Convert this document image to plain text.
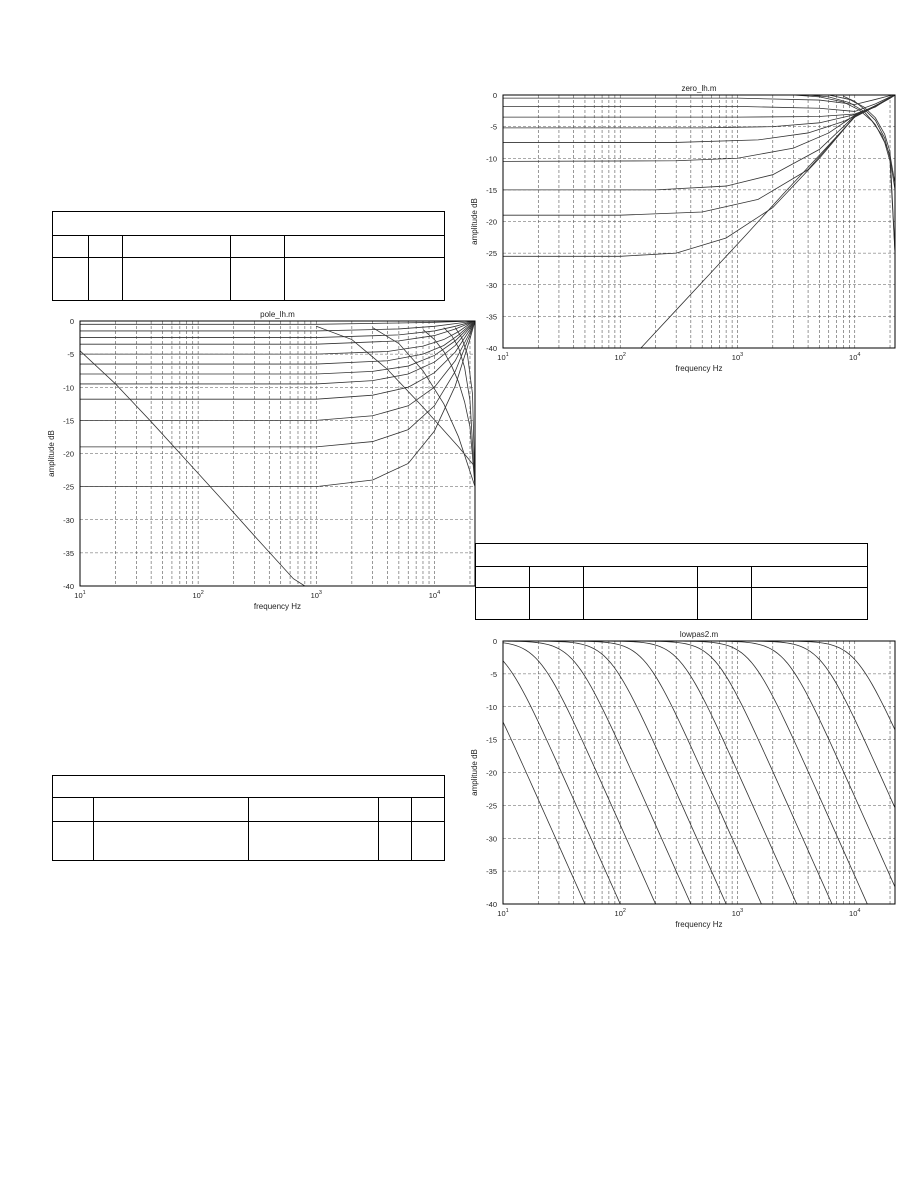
pole_lh.m
0
-5
-10
-15
-20
-25
-30
-35
-40
$10^1$	$10^2$	$10^3$	$10^4$
frequency Hz
amplitude dB

zero_lh.m
0
-5
-10
-15
-20
-25
-30
-35
-40
$10^1$	$10^2$	$10^3$	$10^4$
frequency Hz
amplitude dB

lowpas2.m
0
-5
-10
-15
-20
-25
-30
-35
-40
$10^1$	$10^2$	$10^3$	$10^4$
frequency Hz
amplitude dB
